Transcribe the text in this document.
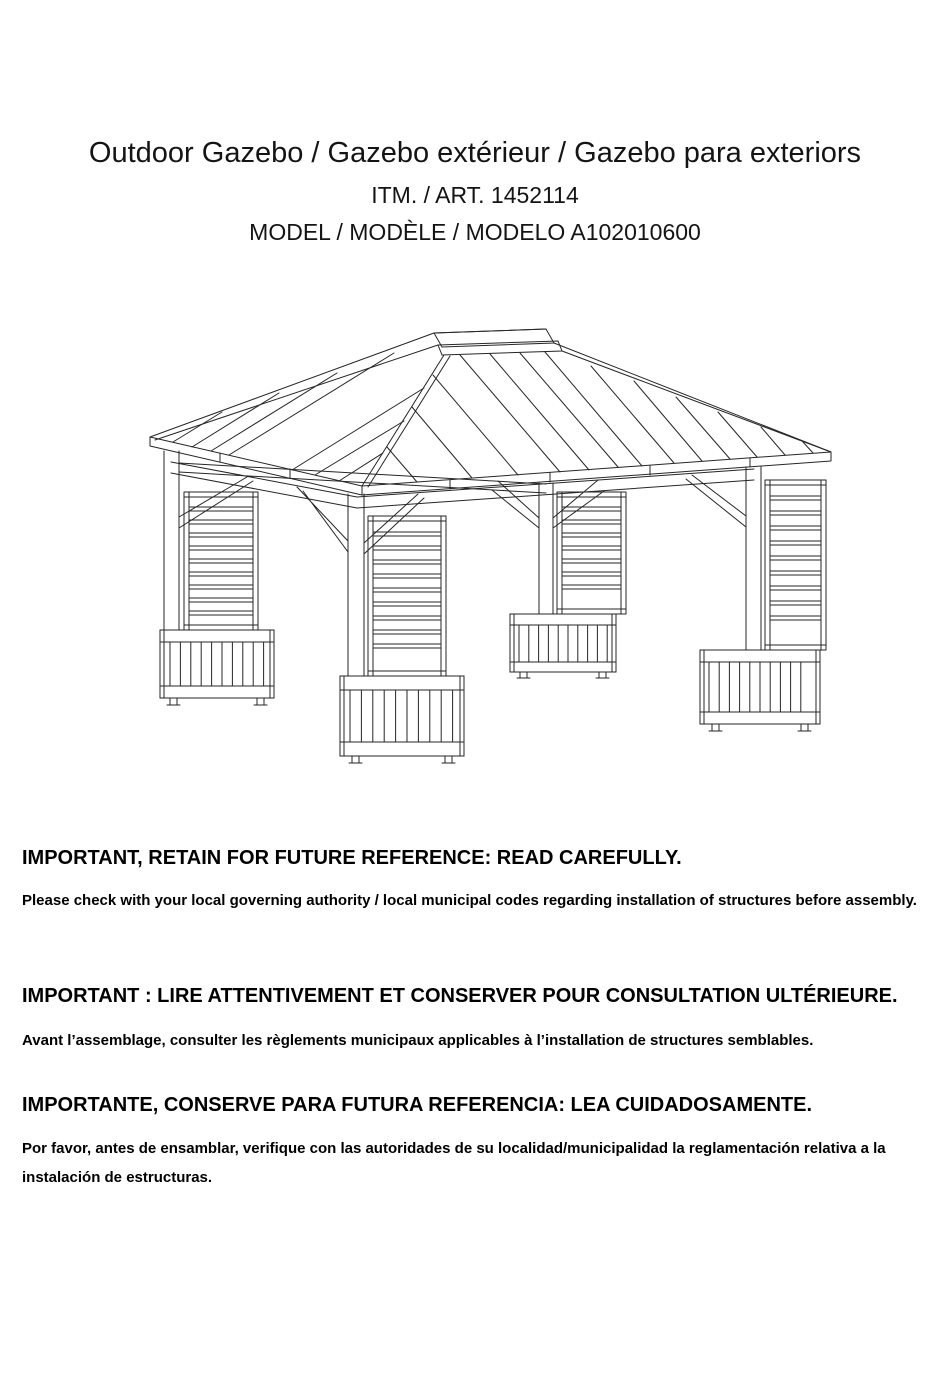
Outdoor Gazebo / Gazebo extérieur / Gazebo para exteriors
ITM. / ART. 1452114
MODEL / MODÈLE / MODELO A102010600
IMPORTANT, RETAIN FOR FUTURE REFERENCE: READ CAREFULLY.

Please check with your local governing authority / local municipal codes regarding installation of structures before assembly.

IMPORTANT : LIRE ATTENTIVEMENT ET CONSERVER POUR CONSULTATION ULTÉRIEURE.

Avant l’assemblage, consulter les règlements municipaux applicables à l’installation de structures semblables.

IMPORTANTE, CONSERVE PARA FUTURA REFERENCIA: LEA CUIDADOSAMENTE.

Por favor, antes de ensamblar, verifique con las autoridades de su localidad/municipalidad la reglamentación relativa a la instalación de estructuras.
